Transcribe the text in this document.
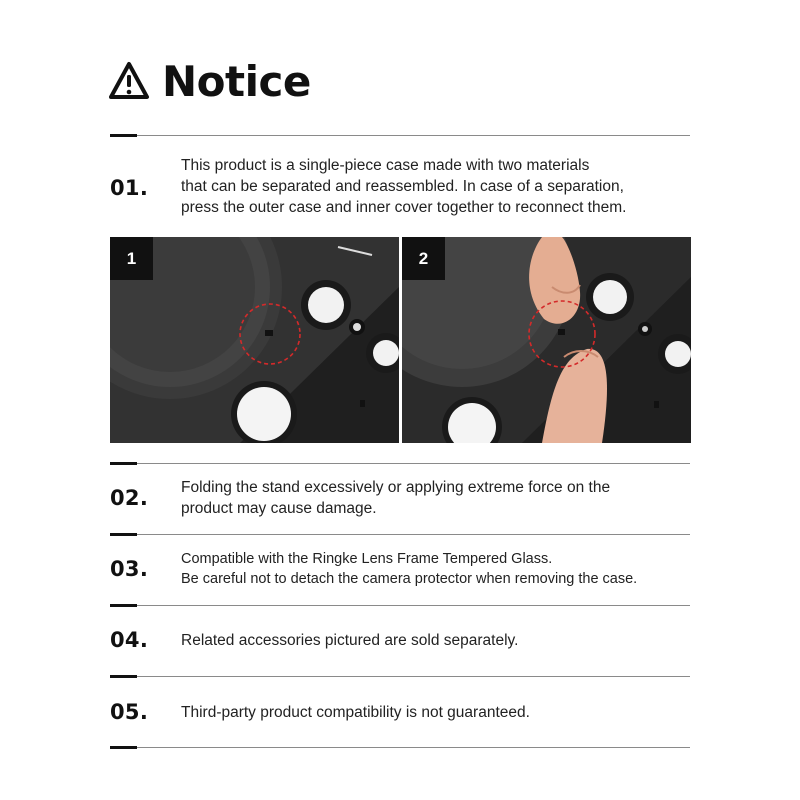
Notice
01.
This product is a single-piece case made with two materials
that can be separated and reassembled. In case of a separation,
press the outer case and inner cover together to reconnect them.
1	2
02. Folding the stand excessively or applying extreme force on the
product may cause damage.
03. Compatible with the Ringke Lens Frame Tempered Glass.
Be careful not to detach the camera protector when removing the case.
04. Related accessories pictured are sold separately.
05. Third-party product compatibility is not guaranteed.
